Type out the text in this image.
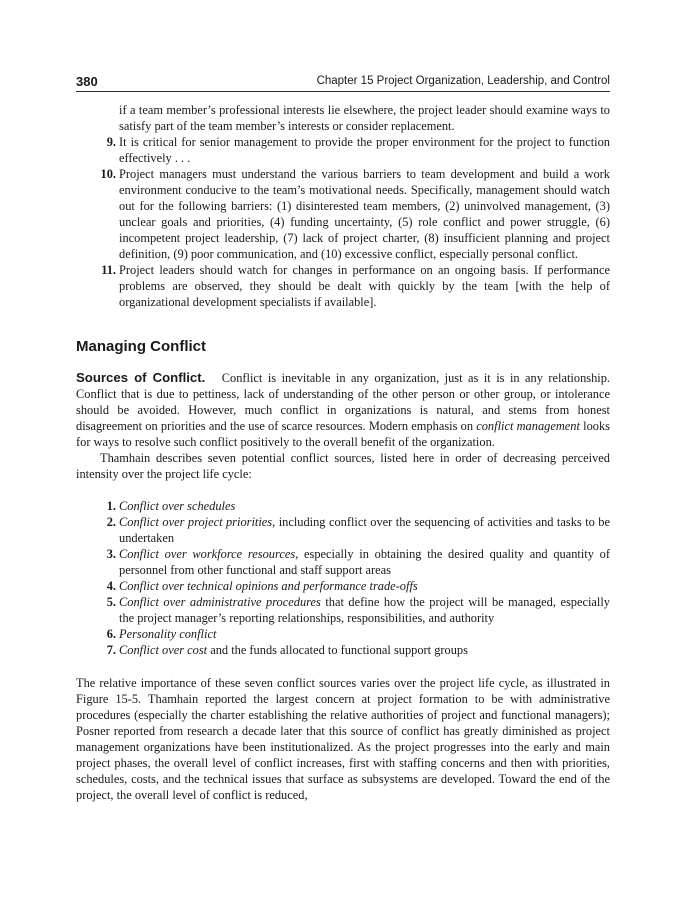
380	Chapter 15 Project Organization, Leadership, and Control

if a team member’s professional interests lie elsewhere, the project leader should examine ways to satisfy part of the team member’s interests or consider replacement.

9. It is critical for senior management to provide the proper environment for the project to function effectively . . .
10. Project managers must understand the various barriers to team development and build a work environment conducive to the team’s motivational needs. Specifically, management should watch out for the following barriers: (1) disinterested team members, (2) uninvolved management, (3) unclear goals and priorities, (4) funding uncertainty, (5) role conflict and power struggle, (6) incompetent project leadership, (7) lack of project charter, (8) insufficient planning and project definition, (9) poor communication, and (10) excessive conflict, especially personal conflict.
11. Project leaders should watch for changes in performance on an ongoing basis. If performance problems are observed, they should be dealt with quickly by the team [with the help of organizational development specialists if available].
Managing Conflict

Sources of Conflict. Conflict is inevitable in any organization, just as it is in any relationship. Conflict that is due to pettiness, lack of understanding of the other person or other group, or intolerance should be avoided. However, much conflict in organizations is natural, and stems from honest disagreement on priorities and the use of scarce resources. Modern emphasis on conflict management looks for ways to resolve such conflict positively to the overall benefit of the organization.

Thamhain describes seven potential conflict sources, listed here in order of decreasing perceived intensity over the project life cycle:

1. Conflict over schedules
2. Conflict over project priorities, including conflict over the sequencing of activities and tasks to be undertaken
3. Conflict over workforce resources, especially in obtaining the desired quality and quantity of personnel from other functional and staff support areas
4. Conflict over technical opinions and performance trade-offs
5. Conflict over administrative procedures that define how the project will be managed, especially the project manager’s reporting relationships, responsibilities, and authority
6. Personality conflict
7. Conflict over cost and the funds allocated to functional support groups

The relative importance of these seven conflict sources varies over the project life cycle, as illustrated in Figure 15-5. Thamhain reported the largest concern at project formation to be with administrative procedures (especially the charter establishing the relative authorities of project and functional managers); Posner reported from research a decade later that this source of conflict has greatly diminished as project management organizations have been institutionalized. As the project progresses into the early and main project phases, the overall level of conflict increases, first with staffing concerns and then with priorities, schedules, costs, and the technical issues that surface as subsystems are developed. Toward the end of the project, the overall level of conflict is reduced,
